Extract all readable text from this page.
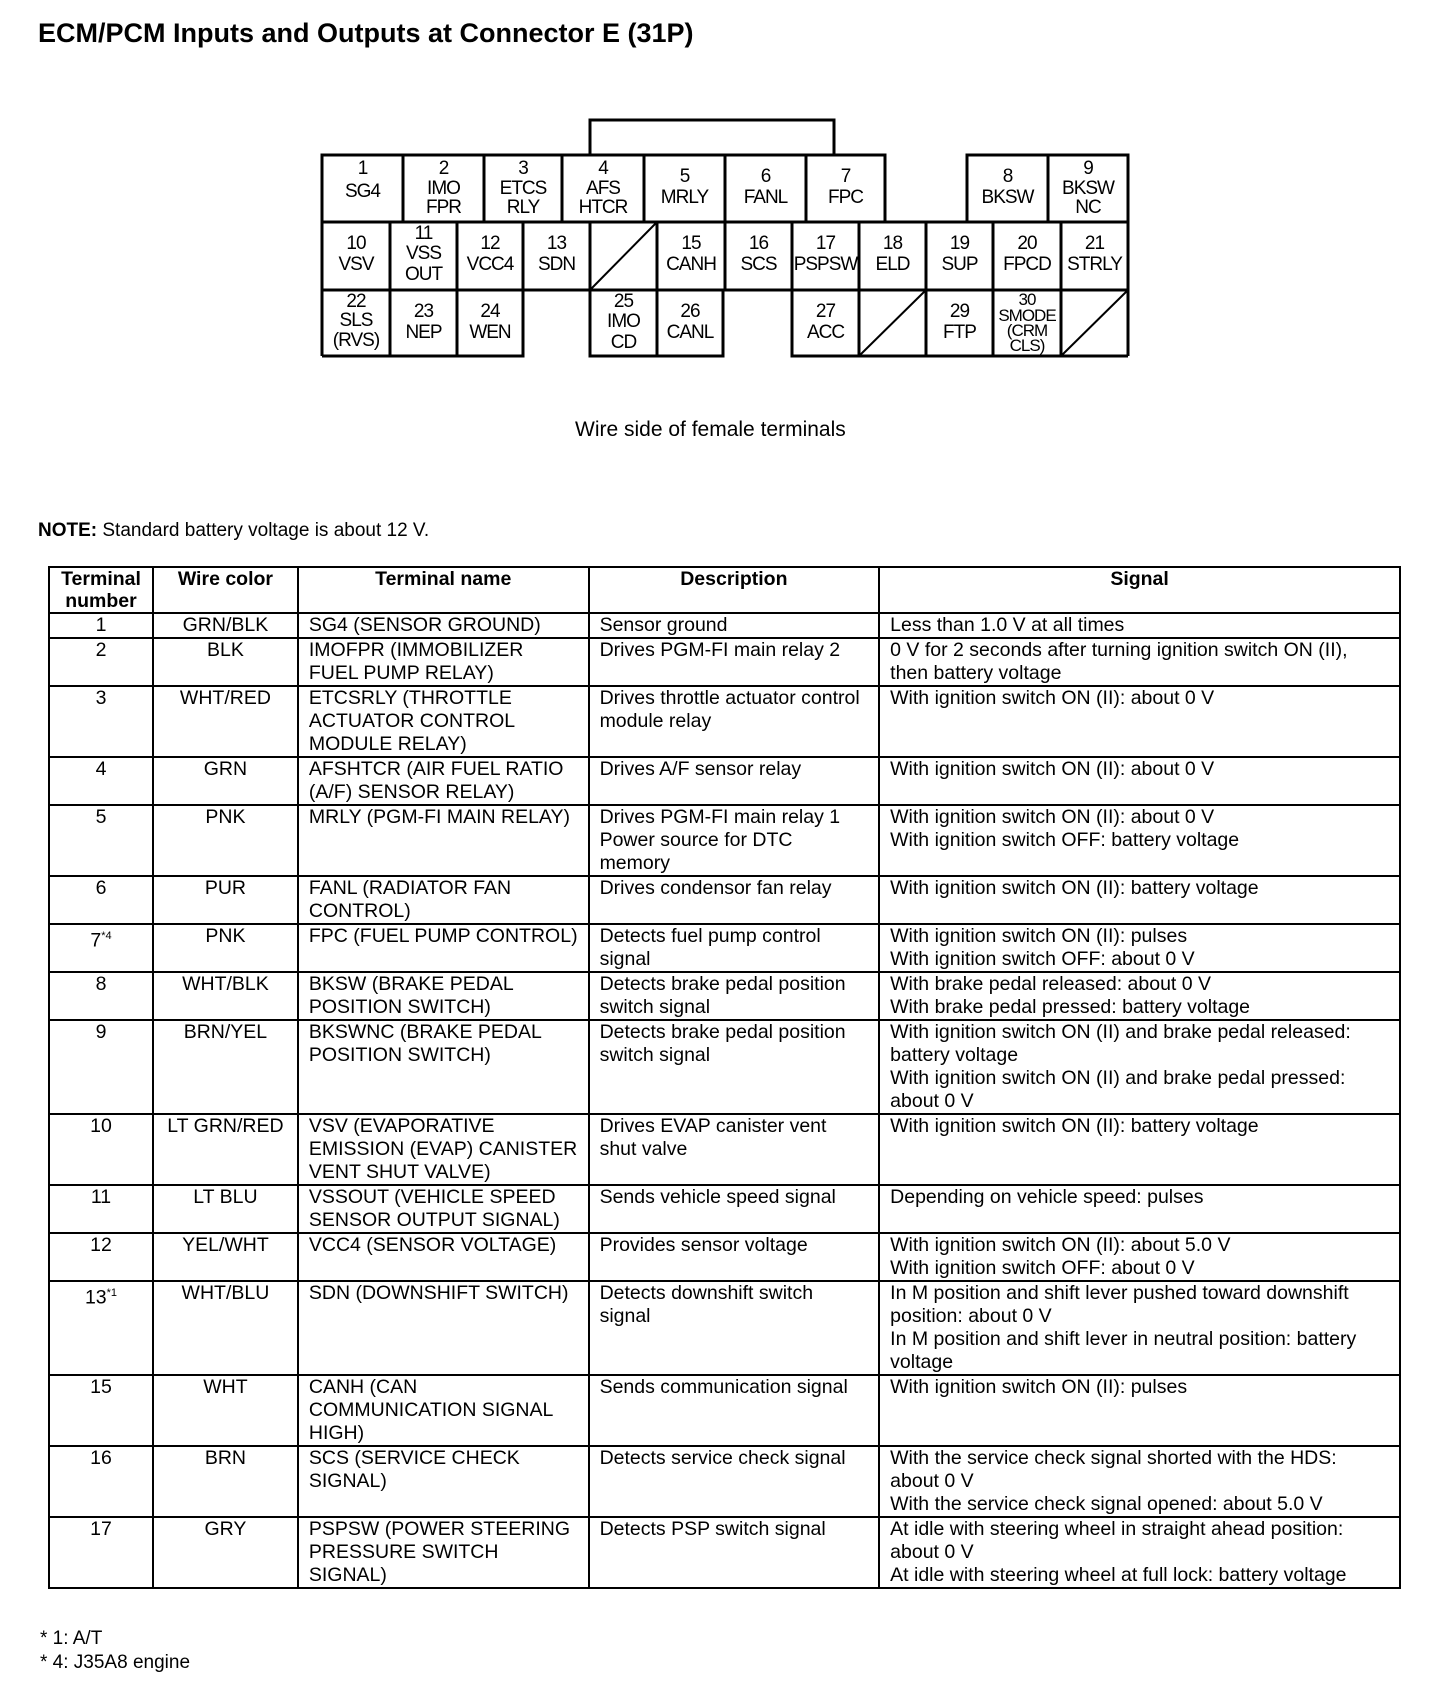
ECM/PCM Inputs and Outputs at Connector E (31P)
1
SG4
2
IMO
FPR
3
ETCS
RLY
4
AFS
HTCR
5
MRLY
6
FANL
7
FPC
8
BKSW
9
BKSW
NC
10
VSV
11
VSS
OUT
12
VCC4
13
SDN
15
CANH
16
SCS
17
PSPSW
18
ELD
19
SUP
20
FPCD
21
STRLY
22
SLS
(RVS)
23
NEP
24
WEN
25
IMO
CD
26
CANL
27
ACC
29
FTP
30
SMODE
(CRM
CLS)
Wire side of female terminals
NOTE: Standard battery voltage is about 12 V.
Terminal number	Wire color	Terminal name	Description	Signal
1	GRN/BLK	SG4 (SENSOR GROUND)	Sensor ground	Less than 1.0 V at all times
2	BLK	IMOFPR (IMMOBILIZER FUEL PUMP RELAY)	Drives PGM-FI main relay 2	0 V for 2 seconds after turning ignition switch ON (II), then battery voltage
3	WHT/RED	ETCSRLY (THROTTLE ACTUATOR CONTROL MODULE RELAY)	Drives throttle actuator control module relay	With ignition switch ON (II): about 0 V
4	GRN	AFSHTCR (AIR FUEL RATIO (A/F) SENSOR RELAY)	Drives A/F sensor relay	With ignition switch ON (II): about 0 V
5	PNK	MRLY (PGM-FI MAIN RELAY)	Drives PGM-FI main relay 1
Power source for DTC memory	With ignition switch ON (II): about 0 V
With ignition switch OFF: battery voltage
6	PUR	FANL (RADIATOR FAN CONTROL)	Drives condensor fan relay	With ignition switch ON (II): battery voltage
7$^{*4}$	PNK	FPC (FUEL PUMP CONTROL)	Detects fuel pump control signal	With ignition switch ON (II): pulses
With ignition switch OFF: about 0 V
8	WHT/BLK	BKSW (BRAKE PEDAL POSITION SWITCH)	Detects brake pedal position switch signal	With brake pedal released: about 0 V
With brake pedal pressed: battery voltage
9	BRN/YEL	BKSWNC (BRAKE PEDAL POSITION SWITCH)	Detects brake pedal position switch signal	With ignition switch ON (II) and brake pedal released: battery voltage
With ignition switch ON (II) and brake pedal pressed: about 0 V
10	LT GRN/RED	VSV (EVAPORATIVE EMISSION (EVAP) CANISTER VENT SHUT VALVE)	Drives EVAP canister vent shut valve	With ignition switch ON (II): battery voltage
11	LT BLU	VSSOUT (VEHICLE SPEED SENSOR OUTPUT SIGNAL)	Sends vehicle speed signal	Depending on vehicle speed: pulses
12	YEL/WHT	VCC4 (SENSOR VOLTAGE)	Provides sensor voltage	With ignition switch ON (II): about 5.0 V
With ignition switch OFF: about 0 V
13$^{*1}$	WHT/BLU	SDN (DOWNSHIFT SWITCH)	Detects downshift switch signal	In M position and shift lever pushed toward downshift position: about 0 V
In M position and shift lever in neutral position: battery voltage
15	WHT	CANH (CAN COMMUNICATION SIGNAL HIGH)	Sends communication signal	With ignition switch ON (II): pulses
16	BRN	SCS (SERVICE CHECK SIGNAL)	Detects service check signal	With the service check signal shorted with the HDS: about 0 V
With the service check signal opened: about 5.0 V
17	GRY	PSPSW (POWER STEERING PRESSURE SWITCH SIGNAL)	Detects PSP switch signal	At idle with steering wheel in straight ahead position: about 0 V
At idle with steering wheel at full lock: battery voltage
* 1: A/T
* 4: J35A8 engine
